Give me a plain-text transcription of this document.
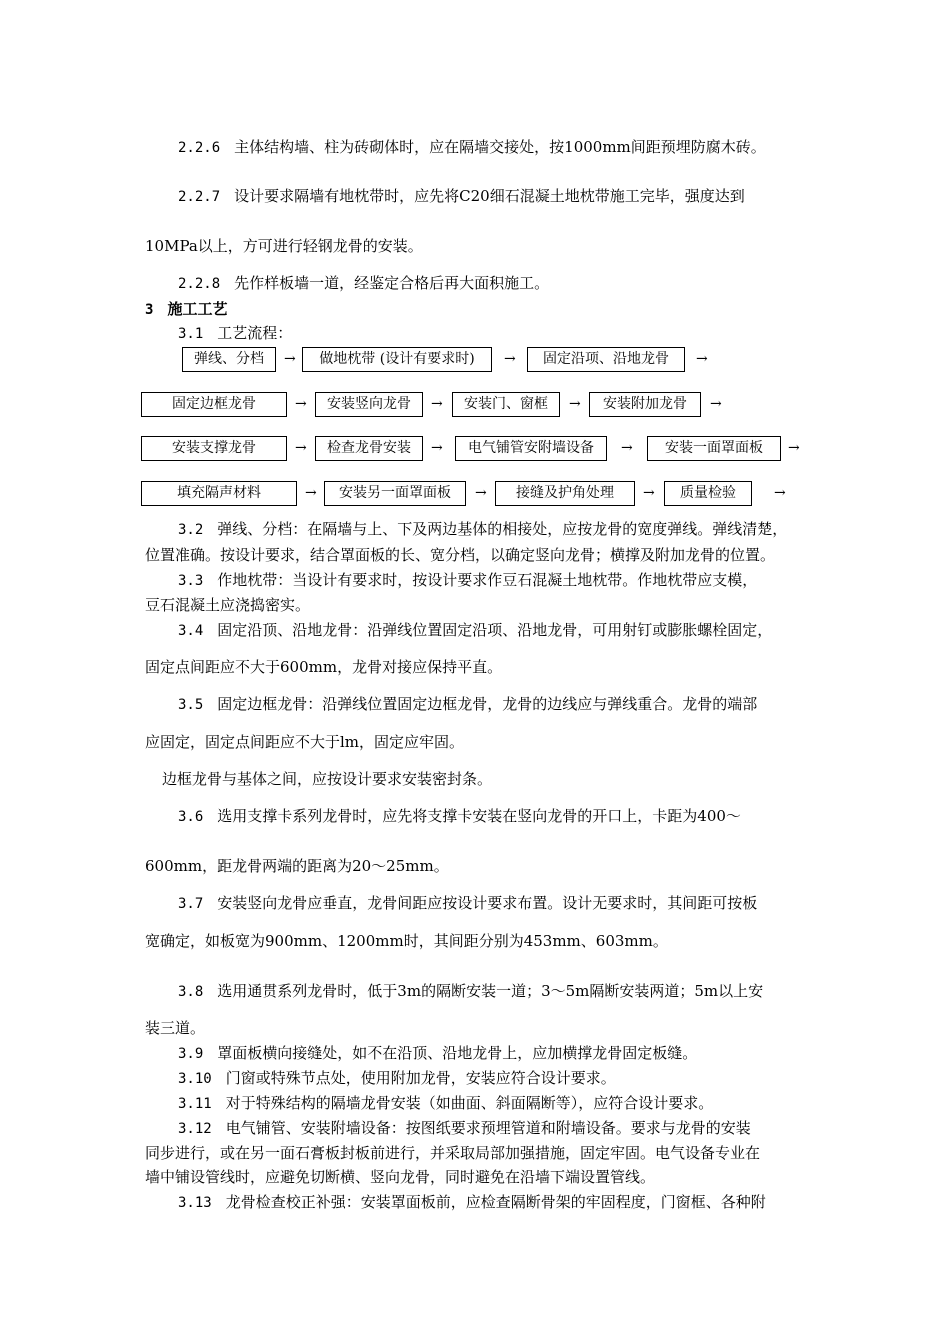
2.2.6 主体结构墙、柱为砖砌体时，应在隔墙交接处，按1000mm间距预埋防腐木砖。
2.2.7 设计要求隔墙有地枕带时，应先将C20细石混凝土地枕带施工完毕，强度达到
10MPa以上，方可进行轻钢龙骨的安装。
2.2.8 先作样板墙一道，经鉴定合格后再大面积施工。
3 施工工艺
3.1 工艺流程：
弹线、分档	→	做地枕带 (设计有要求时)	→	固定沿项、沿地龙骨	→
固定边框龙骨	→	安装竖向龙骨	→	安装门、窗框	→	安装附加龙骨	→
安装支撑龙骨	→	检查龙骨安装	→	电气铺管安附墙设备	→	安装一面罩面板	→
填充隔声材料	→	安装另一面罩面板	→	接缝及护角处理	→	质量检验	→
3.2 弹线、分档：在隔墙与上、下及两边基体的相接处，应按龙骨的宽度弹线。弹线清楚，
位置准确。按设计要求，结合罩面板的长、宽分档，以确定竖向龙骨；横撑及附加龙骨的位置。
3.3 作地枕带：当设计有要求时，按设计要求作豆石混凝土地枕带。作地枕带应支模，
豆石混凝土应浇捣密实。
3.4 固定沿顶、沿地龙骨：沿弹线位置固定沿项、沿地龙骨，可用射钉或膨胀螺栓固定，
固定点间距应不大于600mm，龙骨对接应保持平直。
3.5 固定边框龙骨：沿弹线位置固定边框龙骨，龙骨的边线应与弹线重合。龙骨的端部
应固定，固定点间距应不大于lm，固定应牢固。
边框龙骨与基体之间，应按设计要求安装密封条。
3.6 选用支撑卡系列龙骨时，应先将支撑卡安装在竖向龙骨的开口上，卡距为400～
600mm，距龙骨两端的距离为20～25mm。
3.7 安装竖向龙骨应垂直，龙骨间距应按设计要求布置。设计无要求时，其间距可按板
宽确定，如板宽为900mm、1200mm时，其间距分别为453mm、603mm。
3.8 选用通贯系列龙骨时，低于3m的隔断安装一道；3～5m隔断安装两道；5m以上安
装三道。
3.9 罩面板横向接缝处，如不在沿顶、沿地龙骨上，应加横撑龙骨固定板缝。
3.10 门窗或特殊节点处，使用附加龙骨，安装应符合设计要求。
3.11 对于特殊结构的隔墙龙骨安装（如曲面、斜面隔断等），应符合设计要求。
3.12 电气铺管、安装附墙设备：按图纸要求预埋管道和附墙设备。要求与龙骨的安装
同步进行，或在另一面石膏板封板前进行，并采取局部加强措施，固定牢固。电气设备专业在
墙中铺设管线时，应避免切断横、竖向龙骨，同时避免在沿墙下端设置管线。
3.13 龙骨检查校正补强：安装罩面板前，应检查隔断骨架的牢固程度，门窗框、各种附
